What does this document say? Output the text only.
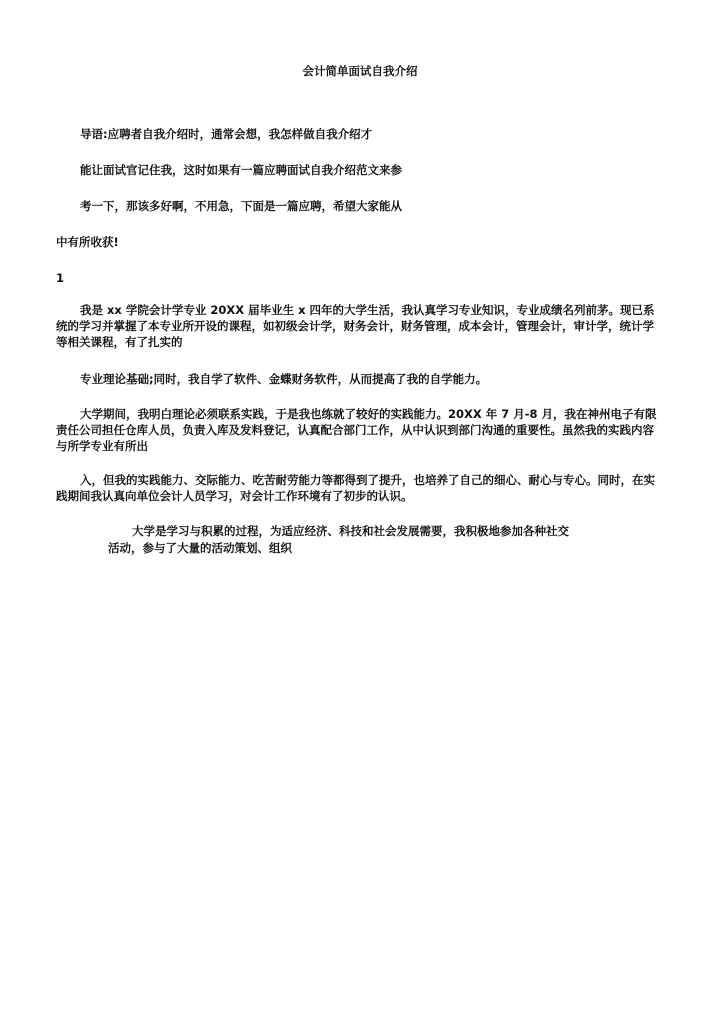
会计简单面试自我介绍
导语:应聘者自我介绍时，通常会想，我怎样做自我介绍才
能让面试官记住我，这时如果有一篇应聘面试自我介绍范文来参
考一下，那该多好啊，不用急，下面是一篇应聘，希望大家能从
中有所收获!
1
我是 xx 学院会计学专业 20XX 届毕业生 x 四年的大学生活，我认真学习专业知识，专业成绩名列前茅。现已系统的学习并掌握了本专业所开设的课程，如初级会计学，财务会计，财务管理，成本会计，管理会计，审计学，统计学等相关课程，有了扎实的
专业理论基础;同时，我自学了软件、金蝶财务软件，从而提高了我的自学能力。
大学期间，我明白理论必须联系实践，于是我也练就了较好的实践能力。20XX 年 7 月-8 月，我在神州电子有限责任公司担任仓库人员，负责入库及发料登记，认真配合部门工作，从中认识到部门沟通的重要性。虽然我的实践内容与所学专业有所出
入，但我的实践能力、交际能力、吃苦耐劳能力等都得到了提升，也培养了自己的细心、耐心与专心。同时，在实践期间我认真向单位会计人员学习，对会计工作环境有了初步的认识。
大学是学习与积累的过程，为适应经济、科技和社会发展需要，我积极地参加各种社交
活动，参与了大量的活动策划、组织
